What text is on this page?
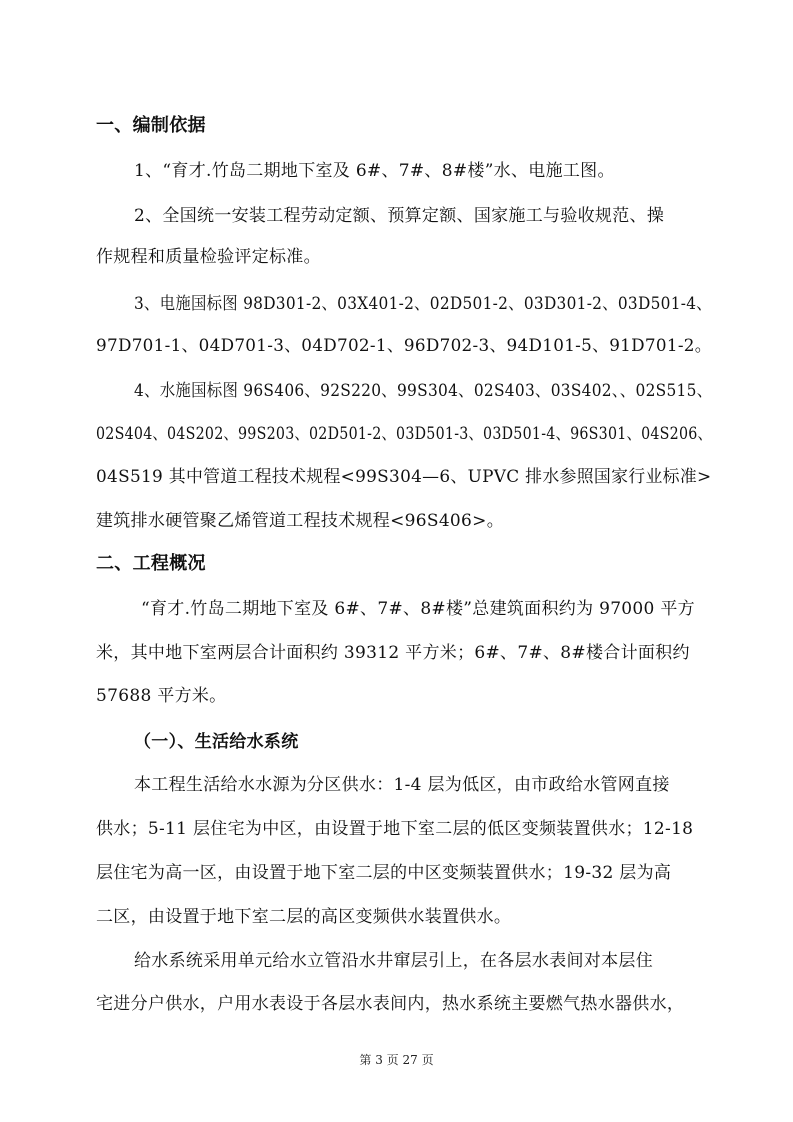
一、编制依据
1、“育才.竹岛二期地下室及 6#、7#、8#楼”水、电施工图。
2、全国统一安装工程劳动定额、预算定额、国家施工与验收规范、操
作规程和质量检验评定标准。
3、电施国标图 98D301-2、03X401-2、02D501-2、03D301-2、03D501-4、
97D701-1、04D701-3、04D702-1、96D702-3、94D101-5、91D701-2。
4、水施国标图 96S406、92S220、99S304、02S403、03S402、、02S515、
02S404、04S202、99S203、02D501-2、03D501-3、03D501-4、96S301、04S206、
04S519 其中管道工程技术规程<99S304—6、UPVC 排水参照国家行业标准>
建筑排水硬管聚乙烯管道工程技术规程<96S406>。
二、工程概况
“育才.竹岛二期地下室及 6#、7#、8#楼”总建筑面积约为 97000 平方
米，其中地下室两层合计面积约 39312 平方米；6#、7#、8#楼合计面积约
57688 平方米。
（一）、生活给水系统
本工程生活给水水源为分区供水：1-4 层为低区，由市政给水管网直接
供水；5-11 层住宅为中区，由设置于地下室二层的低区变频装置供水；12-18
层住宅为高一区，由设置于地下室二层的中区变频装置供水；19-32 层为高
二区，由设置于地下室二层的高区变频供水装置供水。
给水系统采用单元给水立管沿水井窜层引上，在各层水表间对本层住
宅进分户供水，户用水表设于各层水表间内，热水系统主要燃气热水器供水，
第 3 页 27 页
